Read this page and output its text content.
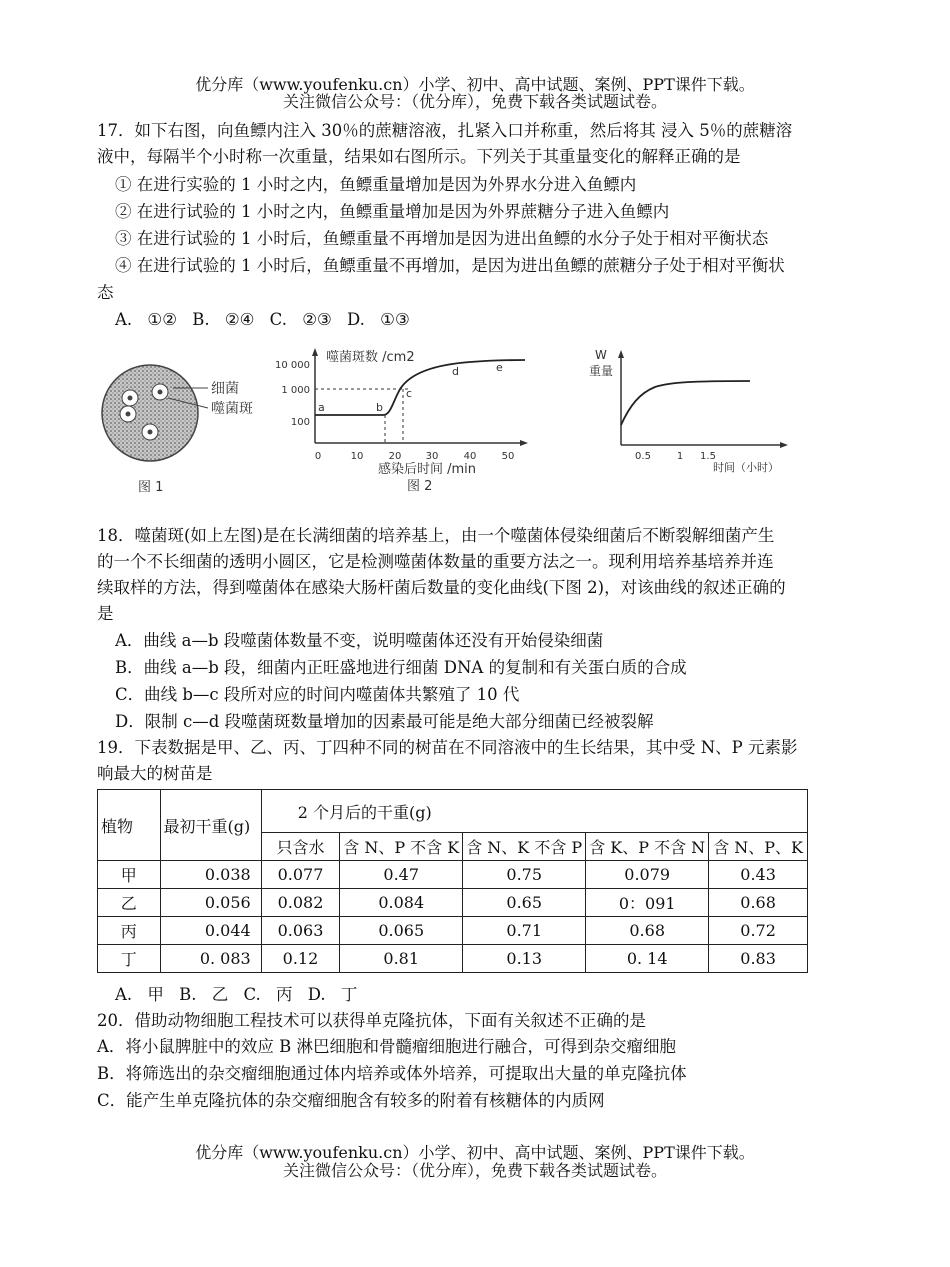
优分库（www.youfenku.cn）小学、初中、高中试题、案例、PPT课件下载。
关注微信公众号：（优分库），免费下载各类试题试卷。
17．如下右图，向鱼鳔内注入 30％的蔗糖溶液，扎紧入口并称重，然后将其 浸入 5％的蔗糖溶
液中，每隔半个小时称一次重量，结果如右图所示。下列关于其重量变化的解释正确的是
① 在进行实验的 1 小时之内，鱼鳔重量增加是因为外界水分进入鱼鳔内
② 在进行试验的 1 小时之内，鱼鳔重量增加是因为外界蔗糖分子进入鱼鳔内
③ 在进行试验的 1 小时后，鱼鳔重量不再增加是因为进出鱼鳔的水分子处于相对平衡状态
④ 在进行试验的 1 小时后，鱼鳔重量不再增加，是因为进出鱼鳔的蔗糖分子处于相对平衡状
态
A. ①② B. ②④ C. ②③ D. ①③
细菌
噬菌斑
图 1
噬菌斑数 /cm2
10 000
1 000
100
0	10	20 30	40	50
a	b
c
d	e
感染后时间 /min
图 2
W
重量
0.5	1 1.5
时间（小时）
18．噬菌斑(如上左图)是在长满细菌的培养基上，由一个噬菌体侵染细菌后不断裂解细菌产生
的一个不长细菌的透明小圆区，它是检测噬菌体数量的重要方法之一。现利用培养基培养并连
续取样的方法，得到噬菌体在感染大肠杆菌后数量的变化曲线(下图 2)，对该曲线的叙述正确的
是
A．曲线 a—b 段噬菌体数量不变，说明噬菌体还没有开始侵染细菌
B．曲线 a—b 段，细菌内正旺盛地进行细菌 DNA 的复制和有关蛋白质的合成
C．曲线 b—c 段所对应的时间内噬菌体共繁殖了 10 代
D．限制 c—d 段噬菌斑数量增加的因素最可能是绝大部分细菌已经被裂解
19．下表数据是甲、乙、丙、丁四种不同的树苗在不同溶液中的生长结果，其中受 N、P 元素影
响最大的树苗是
植物	最初干重(g)	2 个月后的干重(g)				
		只含水	含 N、P 不含 K	含 N、K 不含 P	含 K、P 不含 N	含 N、P、K
甲	0.038	0.077	0.47	0.75	0.079	0.43
乙	0.056	0.082	0.084	0.65	0：091	0.68
丙	0.044	0.063	0.065	0.71	0.68	0.72
丁	0. 083	0.12	0.81	0.13	0. 14	0.83
A. 甲 B. 乙 C. 丙 D. 丁
20．借助动物细胞工程技术可以获得单克隆抗体，下面有关叙述不正确的是
A．将小鼠脾脏中的效应 B 淋巴细胞和骨髓瘤细胞进行融合，可得到杂交瘤细胞
B．将筛选出的杂交瘤细胞通过体内培养或体外培养，可提取出大量的单克隆抗体
C．能产生单克隆抗体的杂交瘤细胞含有较多的附着有核糖体的内质网
优分库（www.youfenku.cn）小学、初中、高中试题、案例、PPT课件下载。
关注微信公众号：（优分库），免费下载各类试题试卷。
